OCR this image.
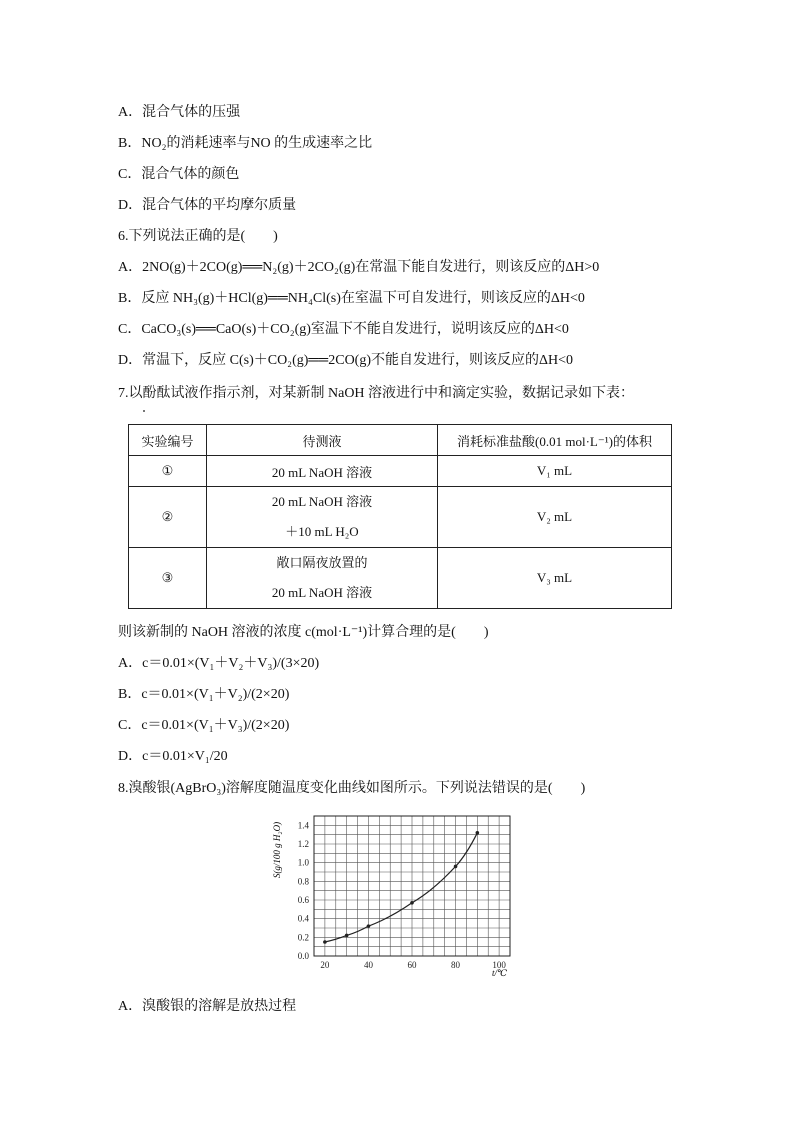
A．混合气体的压强
B．NO₂的消耗速率与NO 的生成速率之比
C．混合气体的颜色
D．混合气体的平均摩尔质量
6.下列说法正确的是(　　)
A．2NO(g)＋2CO(g)══N₂(g)＋2CO₂(g)在常温下能自发进行，则该反应的ΔH>0
B．反应 NH₃(g)＋HCl(g)══NH₄Cl(s)在室温下可自发进行，则该反应的ΔH<0
C．CaCO₃(s)══CaO(s)＋CO₂(g)室温下不能自发进行，说明该反应的ΔH<0
D．常温下，反应 C(s)＋CO₂(g)══2CO(g)不能自发进行，则该反应的ΔH<0
7.以酚酞试液作指示剂，对某新制 NaOH 溶液进行中和滴定实验，数据记录如下表：
实验编号	待测液	消耗标准盐酸(0.01 mol·L⁻¹)的体积
①	20 mL NaOH 溶液	V₁ mL
②	20 mL NaOH 溶液
＋10 mL H₂O	V₂ mL
③	敞口隔夜放置的
20 mL NaOH 溶液	V₃ mL
则该新制的 NaOH 溶液的浓度 c(mol·L⁻¹)计算合理的是(　　)
A．c＝0.01×(V₁＋V₂＋V₃)/(3×20)
B．c＝0.01×(V₁＋V₂)/(2×20)
C．c＝0.01×(V₁＋V₃)/(2×20)
D．c＝0.01×V₁/20
8.溴酸银(AgBrO₃)溶解度随温度变化曲线如图所示。下列说法错误的是(　　)
20	40	60	80	100
0.0
0.2
0.4
0.6
0.8
1.0
1.2
1.4
S(g/100 g H₂O)
t/℃
A．溴酸银的溶解是放热过程
